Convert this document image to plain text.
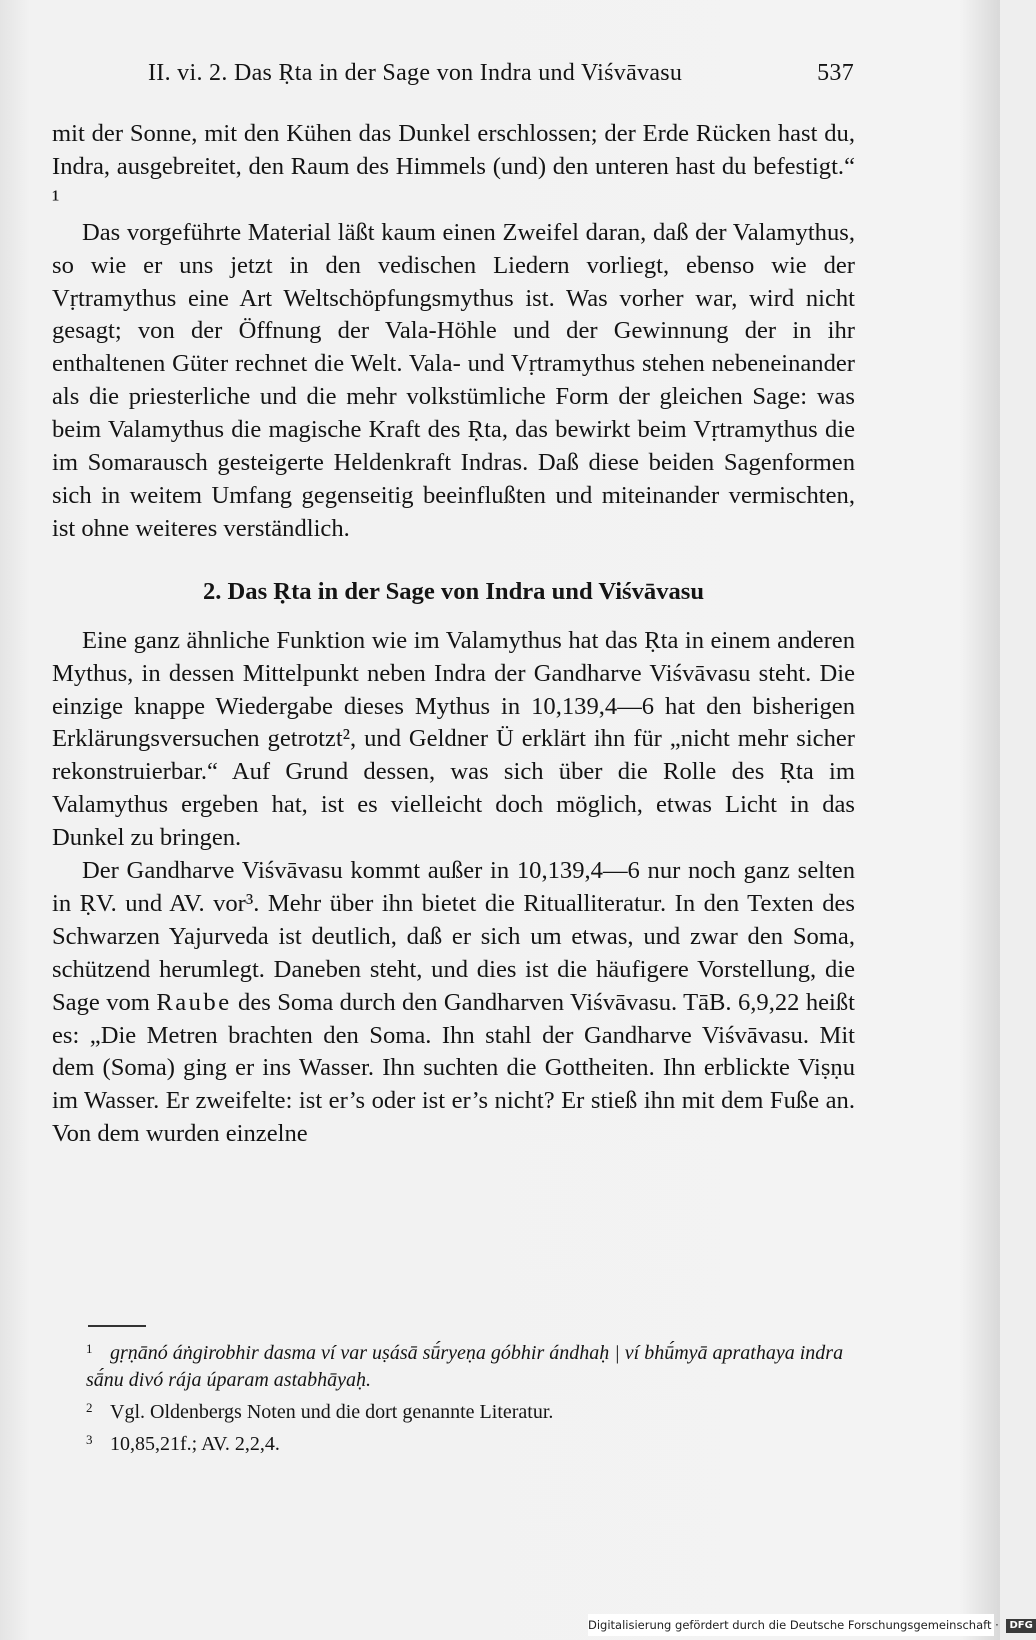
II. vi. 2. Das Ṛta in der Sage von Indra und Viśvāvasu	537

mit der Sonne, mit den Kühen das Dunkel erschlossen; der Erde Rücken hast du, Indra, ausgebreitet, den Raum des Himmels (und) den unteren hast du befestigt.“ ¹

Das vorgeführte Material läßt kaum einen Zweifel daran, daß der Valamythus, so wie er uns jetzt in den vedischen Liedern vorliegt, ebenso wie der Vṛtramythus eine Art Weltschöpfungsmythus ist. Was vorher war, wird nicht gesagt; von der Öffnung der Vala-Höhle und der Gewinnung der in ihr enthaltenen Güter rechnet die Welt. Vala- und Vṛtramythus stehen nebeneinander als die priesterliche und die mehr volkstümliche Form der gleichen Sage: was beim Valamythus die magische Kraft des Ṛta, das bewirkt beim Vṛtramythus die im Somarausch gesteigerte Heldenkraft Indras. Daß diese beiden Sagenformen sich in weitem Umfang gegenseitig beeinflußten und miteinander vermischten, ist ohne weiteres verständlich.

2. Das Ṛta in der Sage von Indra und Viśvāvasu

Eine ganz ähnliche Funktion wie im Valamythus hat das Ṛta in einem anderen Mythus, in dessen Mittelpunkt neben Indra der Gandharve Viśvāvasu steht. Die einzige knappe Wiedergabe dieses Mythus in 10,139,4—6 hat den bisherigen Erklärungsversuchen getrotzt², und Geldner Ü erklärt ihn für „nicht mehr sicher rekonstruierbar.“ Auf Grund dessen, was sich über die Rolle des Ṛta im Valamythus ergeben hat, ist es vielleicht doch möglich, etwas Licht in das Dunkel zu bringen.

Der Gandharve Viśvāvasu kommt außer in 10,139,4—6 nur noch ganz selten in ṚV. und AV. vor³. Mehr über ihn bietet die Ritualliteratur. In den Texten des Schwarzen Yajurveda ist deutlich, daß er sich um etwas, und zwar den Soma, schützend herumlegt. Daneben steht, und dies ist die häufigere Vorstellung, die Sage vom Raube des Soma durch den Gandharven Viśvāvasu. TāB. 6,9,22 heißt es: „Die Metren brachten den Soma. Ihn stahl der Gandharve Viśvāvasu. Mit dem (Soma) ging er ins Wasser. Ihn suchten die Gottheiten. Ihn erblickte Viṣṇu im Wasser. Er zweifelte: ist er’s oder ist er’s nicht? Er stieß ihn mit dem Fuße an. Von dem wurden einzelne

1 gṛṇānó áṅgirobhir dasma ví var uṣásā sū́ryeṇa góbhir ándhaḥ | ví bhū́myā aprathaya indra sā́nu divó rája úparam astabhāyaḥ.

2 Vgl. Oldenbergs Noten und die dort genannte Literatur.

3 10,85,21f.; AV. 2,2,4.

Digitalisierung gefördert durch die Deutsche Forschungsgemeinschaft · DFG
